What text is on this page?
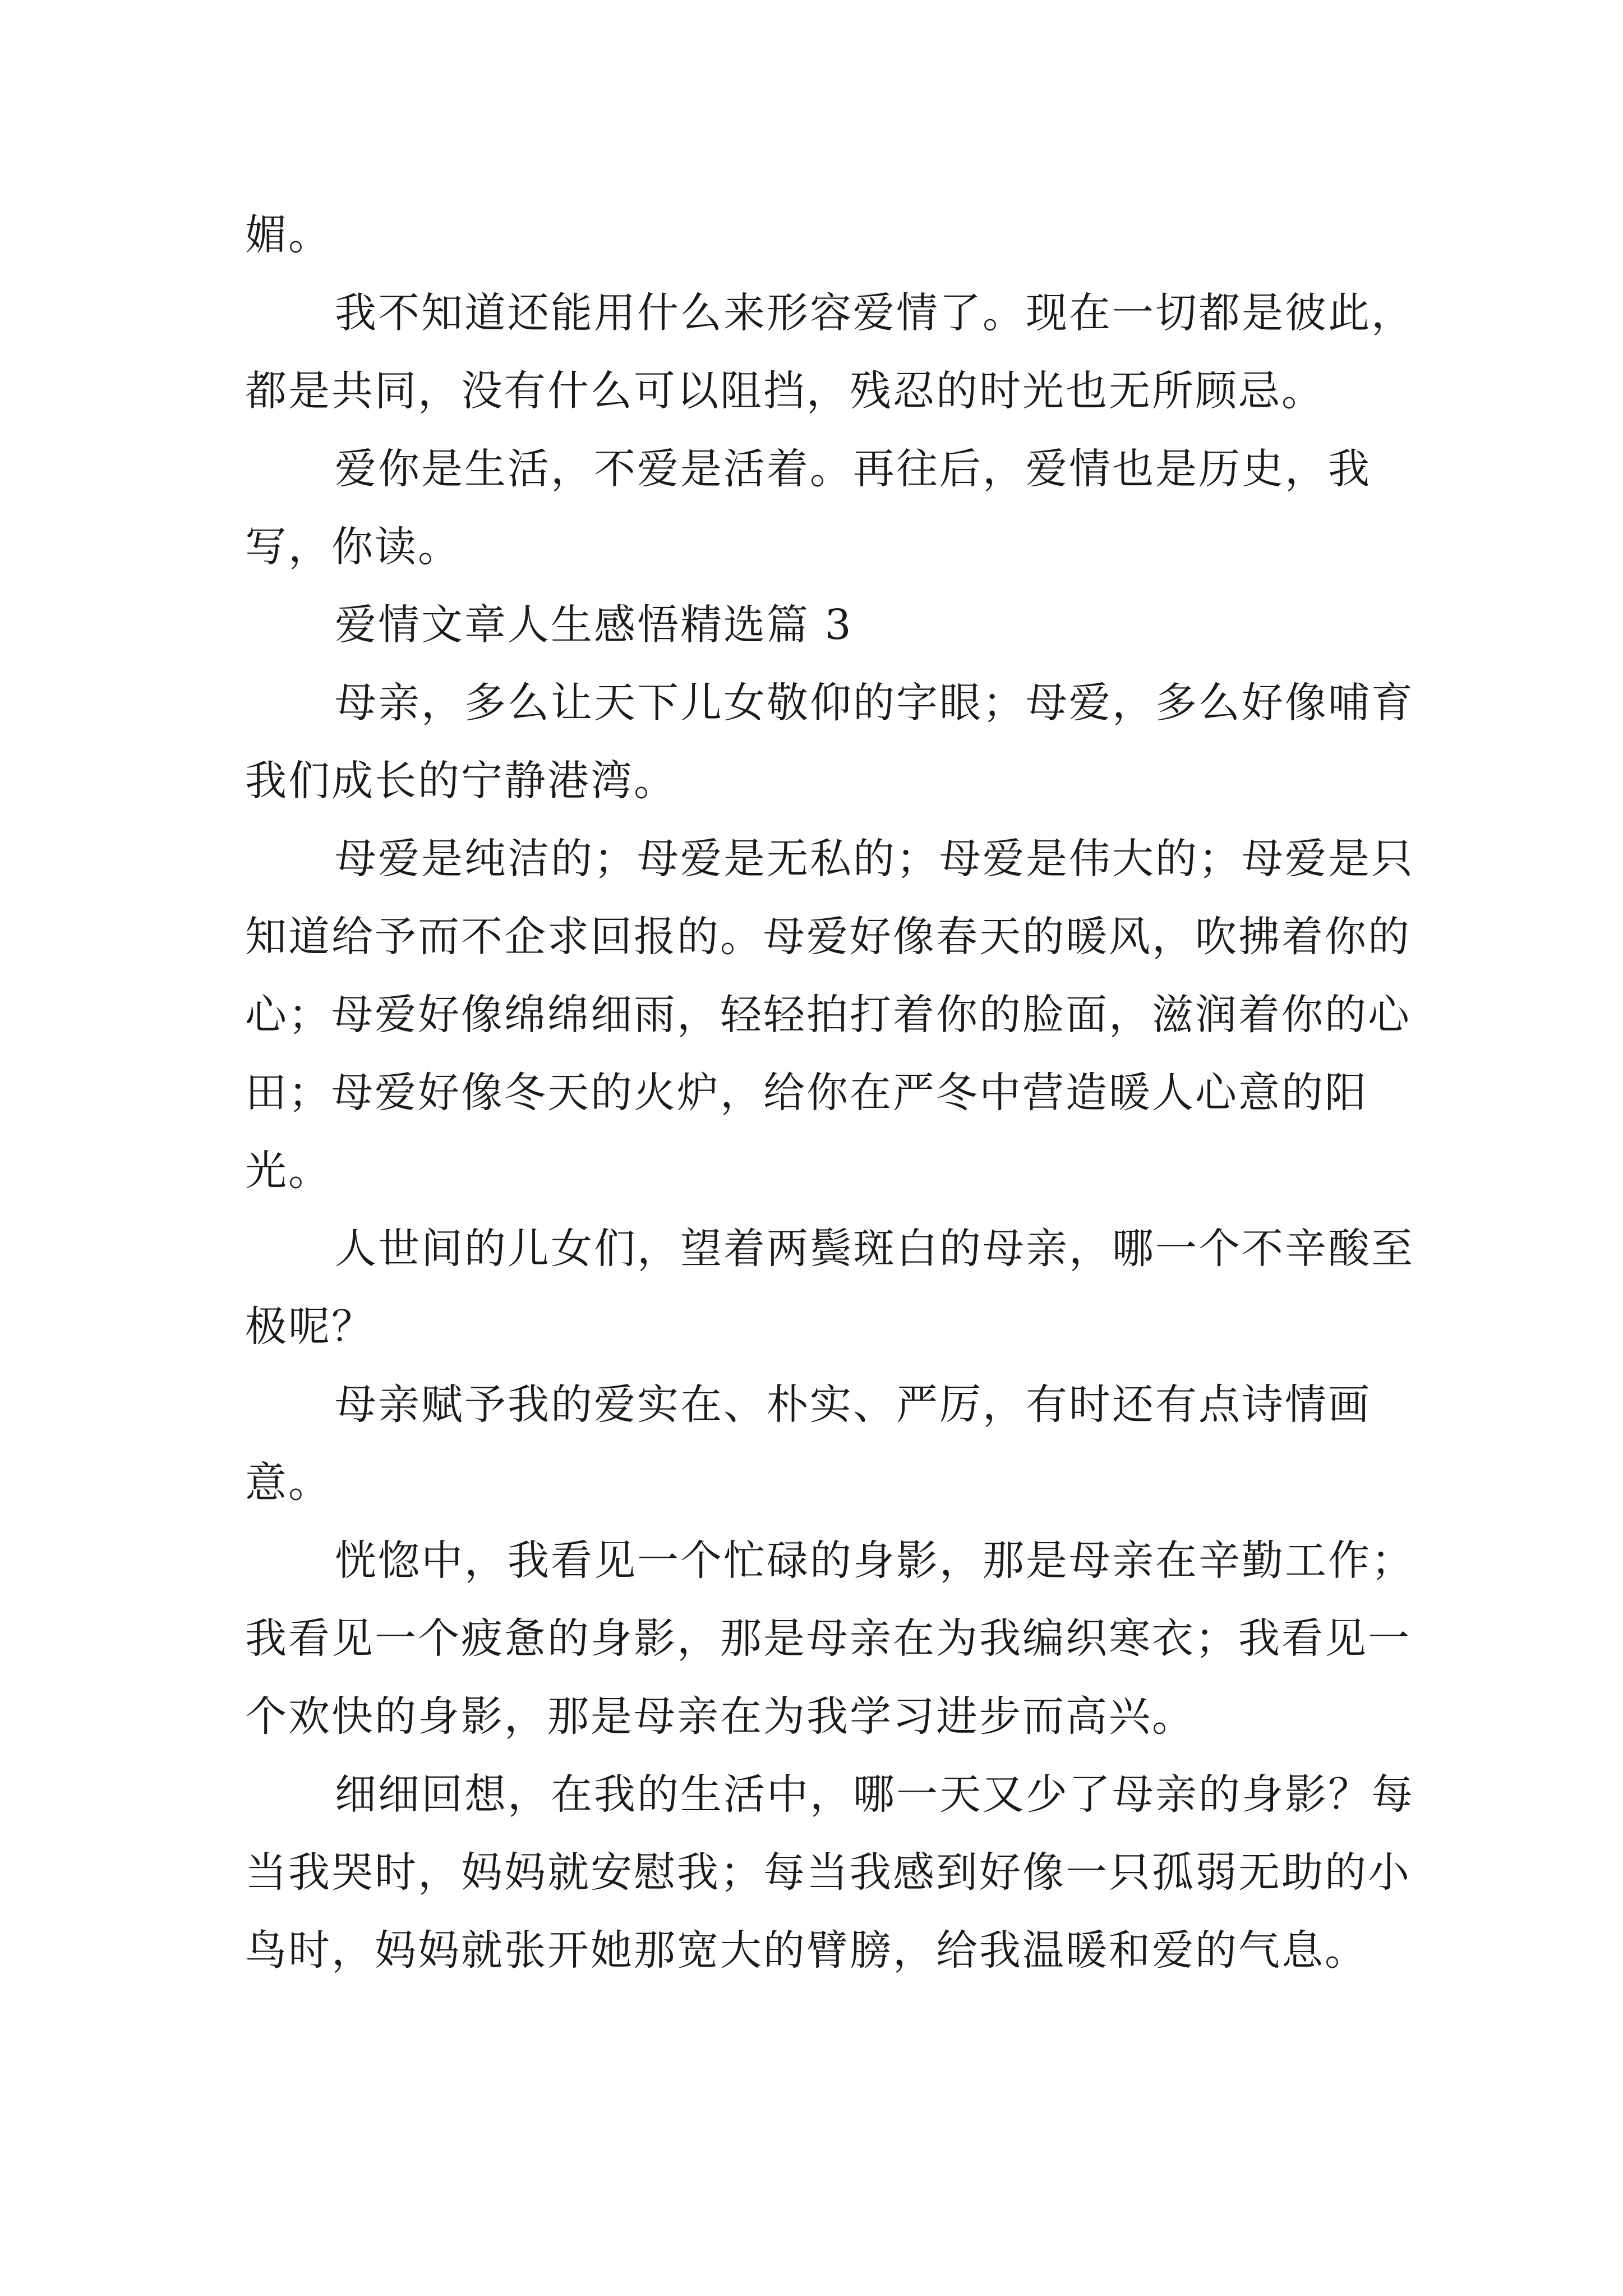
媚。

我不知道还能用什么来形容爱情了。现在一切都是彼此，都是共同，没有什么可以阻挡，残忍的时光也无所顾忌。

爱你是生活，不爱是活着。再往后，爱情也是历史，我写，你读。

爱情文章人生感悟精选篇 3

母亲，多么让天下儿女敬仰的字眼；母爱，多么好像哺育我们成长的宁静港湾。

母爱是纯洁的；母爱是无私的；母爱是伟大的；母爱是只知道给予而不企求回报的。母爱好像春天的暖风，吹拂着你的心；母爱好像绵绵细雨，轻轻拍打着你的脸面，滋润着你的心田；母爱好像冬天的火炉，给你在严冬中营造暖人心意的阳光。

人世间的儿女们，望着两鬓斑白的母亲，哪一个不辛酸至极呢？

母亲赋予我的爱实在、朴实、严厉，有时还有点诗情画意。

恍惚中，我看见一个忙碌的身影，那是母亲在辛勤工作；我看见一个疲惫的身影，那是母亲在为我编织寒衣；我看见一个欢快的身影，那是母亲在为我学习进步而高兴。

细细回想，在我的生活中，哪一天又少了母亲的身影？每当我哭时，妈妈就安慰我；每当我感到好像一只孤弱无助的小鸟时，妈妈就张开她那宽大的臂膀，给我温暖和爱的气息。
